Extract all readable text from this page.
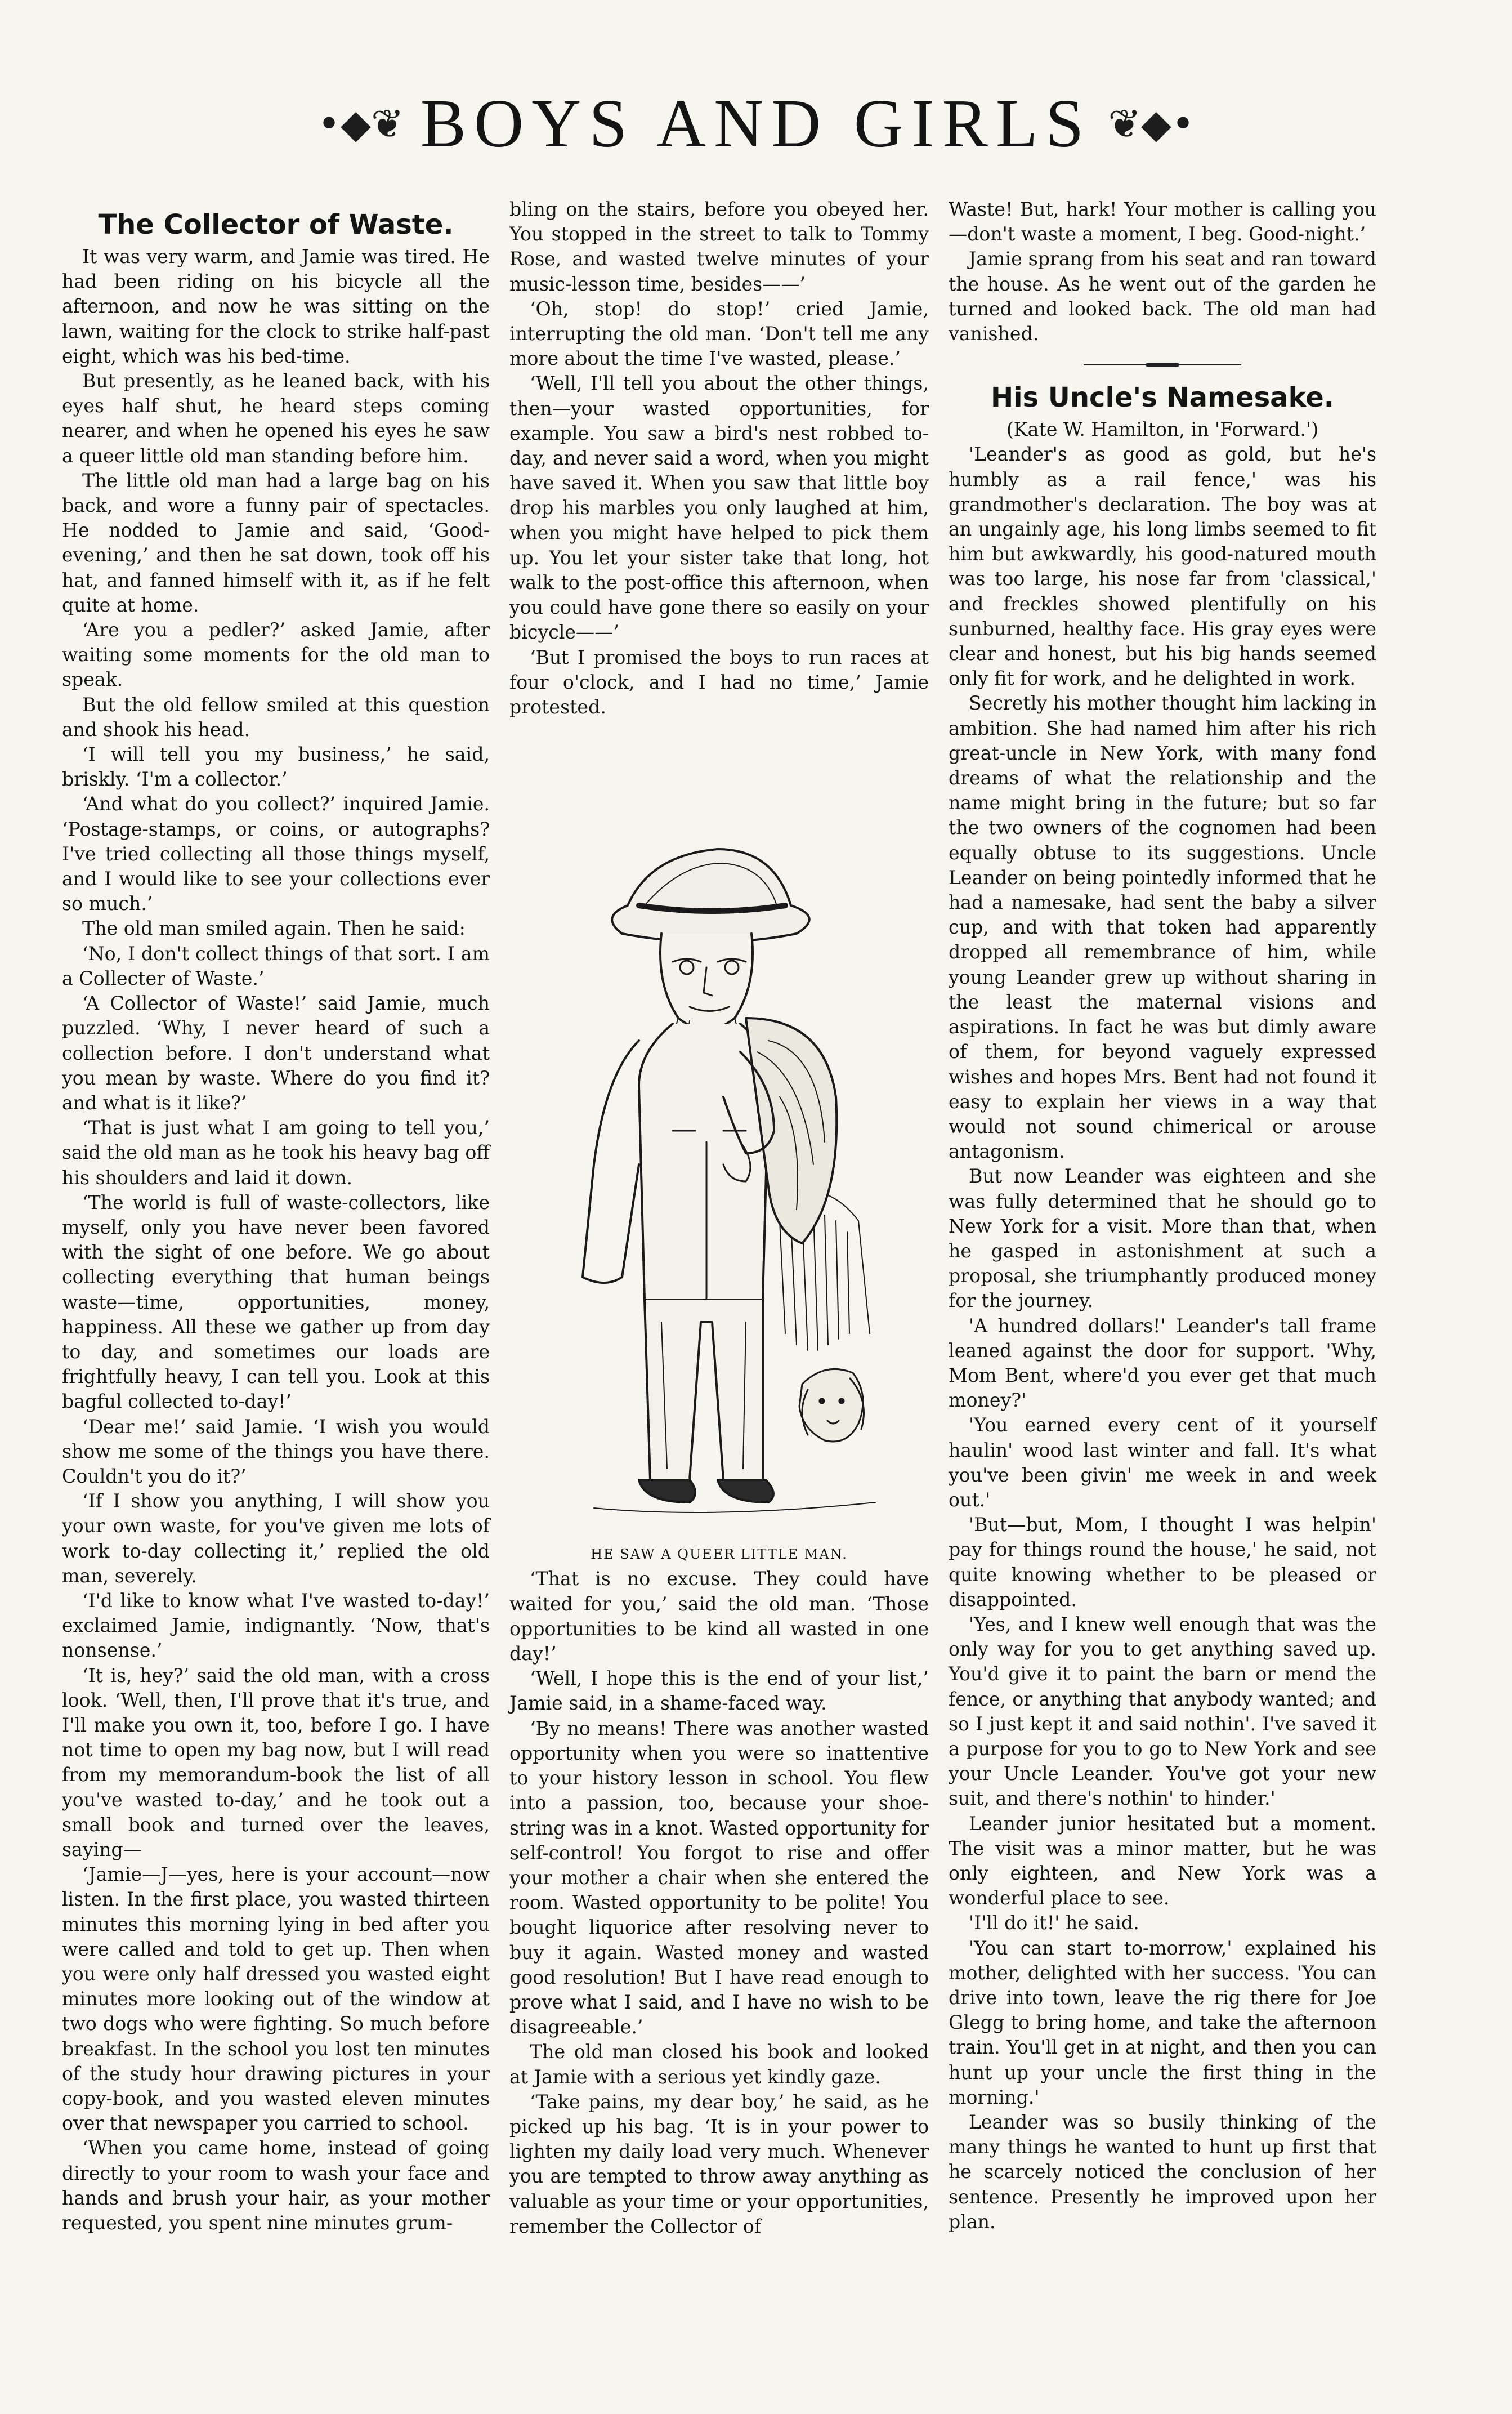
•◆❦ BOYS AND GIRLS ❦◆•
The Collector of Waste.

It was very warm, and Jamie was tired. He had been riding on his bicycle all the afternoon, and now he was sitting on the lawn, waiting for the clock to strike half-past eight, which was his bed-time.

But presently, as he leaned back, with his eyes half shut, he heard steps coming nearer, and when he opened his eyes he saw a queer little old man standing before him.

The little old man had a large bag on his back, and wore a funny pair of spectacles. He nodded to Jamie and said, ‘Good-evening,’ and then he sat down, took off his hat, and fanned himself with it, as if he felt quite at home.

‘Are you a pedler?’ asked Jamie, after waiting some moments for the old man to speak.

But the old fellow smiled at this question and shook his head.

‘I will tell you my business,’ he said, briskly. ‘I'm a collector.’

‘And what do you collect?’ inquired Jamie. ‘Postage-stamps, or coins, or autographs? I've tried collecting all those things myself, and I would like to see your collections ever so much.’

The old man smiled again. Then he said:

‘No, I don't collect things of that sort. I am a Collecter of Waste.’

‘A Collector of Waste!’ said Jamie, much puzzled. ‘Why, I never heard of such a collection before. I don't understand what you mean by waste. Where do you find it? and what is it like?’

‘That is just what I am going to tell you,’ said the old man as he took his heavy bag off his shoulders and laid it down.

‘The world is full of waste-collectors, like myself, only you have never been favored with the sight of one before. We go about collecting everything that human beings waste—time, opportunities, money, happiness. All these we gather up from day to day, and sometimes our loads are frightfully heavy, I can tell you. Look at this bagful collected to-day!’

‘Dear me!’ said Jamie. ‘I wish you would show me some of the things you have there. Couldn't you do it?’

‘If I show you anything, I will show you your own waste, for you've given me lots of work to-day collecting it,’ replied the old man, severely.

‘I'd like to know what I've wasted to-day!’ exclaimed Jamie, indignantly. ‘Now, that's nonsense.’

‘It is, hey?’ said the old man, with a cross look. ‘Well, then, I'll prove that it's true, and I'll make you own it, too, before I go. I have not time to open my bag now, but I will read from my memorandum-book the list of all you've wasted to-day,’ and he took out a small book and turned over the leaves, saying—

‘Jamie—J—yes, here is your account—now listen. In the first place, you wasted thirteen minutes this morning lying in bed after you were called and told to get up. Then when you were only half dressed you wasted eight minutes more looking out of the window at two dogs who were fighting. So much before breakfast. In the school you lost ten minutes of the study hour drawing pictures in your copy-book, and you wasted eleven minutes over that newspaper you carried to school.

‘When you came home, instead of going directly to your room to wash your face and hands and brush your hair, as your mother requested, you spent nine minutes grum-

bling on the stairs, before you obeyed her. You stopped in the street to talk to Tommy Rose, and wasted twelve minutes of your music-lesson time, besides——’

‘Oh, stop! do stop!’ cried Jamie, interrupting the old man. ‘Don't tell me any more about the time I've wasted, please.’

‘Well, I'll tell you about the other things, then—your wasted opportunities, for example. You saw a bird's nest robbed to-day, and never said a word, when you might have saved it. When you saw that little boy drop his marbles you only laughed at him, when you might have helped to pick them up. You let your sister take that long, hot walk to the post-office this afternoon, when you could have gone there so easily on your bicycle——’

‘But I promised the boys to run races at four o'clock, and I had no time,’ Jamie protested.

HE SAW A QUEER LITTLE MAN.

‘That is no excuse. They could have waited for you,’ said the old man. ‘Those opportunities to be kind all wasted in one day!’

‘Well, I hope this is the end of your list,’ Jamie said, in a shame-faced way.

‘By no means! There was another wasted opportunity when you were so inattentive to your history lesson in school. You flew into a passion, too, because your shoe-string was in a knot. Wasted opportunity for self-control! You forgot to rise and offer your mother a chair when she entered the room. Wasted opportunity to be polite! You bought liquorice after resolving never to buy it again. Wasted money and wasted good resolution! But I have read enough to prove what I said, and I have no wish to be disagreeable.’

The old man closed his book and looked at Jamie with a serious yet kindly gaze.

‘Take pains, my dear boy,’ he said, as he picked up his bag. ‘It is in your power to lighten my daily load very much. Whenever you are tempted to throw away anything as valuable as your time or your opportunities, remember the Collector of

Waste! But, hark! Your mother is calling you—don't waste a moment, I beg. Good-night.’

Jamie sprang from his seat and ran toward the house. As he went out of the garden he turned and looked back. The old man had vanished.

His Uncle's Namesake.

(Kate W. Hamilton, in 'Forward.')

'Leander's as good as gold, but he's humbly as a rail fence,' was his grandmother's declaration. The boy was at an ungainly age, his long limbs seemed to fit him but awkwardly, his good-natured mouth was too large, his nose far from 'classical,' and freckles showed plentifully on his sunburned, healthy face. His gray eyes were clear and honest, but his big hands seemed only fit for work, and he delighted in work.

Secretly his mother thought him lacking in ambition. She had named him after his rich great-uncle in New York, with many fond dreams of what the relationship and the name might bring in the future; but so far the two owners of the cognomen had been equally obtuse to its suggestions. Uncle Leander on being pointedly informed that he had a namesake, had sent the baby a silver cup, and with that token had apparently dropped all remembrance of him, while young Leander grew up without sharing in the least the maternal visions and aspirations. In fact he was but dimly aware of them, for beyond vaguely expressed wishes and hopes Mrs. Bent had not found it easy to explain her views in a way that would not sound chimerical or arouse antagonism.

But now Leander was eighteen and she was fully determined that he should go to New York for a visit. More than that, when he gasped in astonishment at such a proposal, she triumphantly produced money for the journey.

'A hundred dollars!' Leander's tall frame leaned against the door for support. 'Why, Mom Bent, where'd you ever get that much money?'

'You earned every cent of it yourself haulin' wood last winter and fall. It's what you've been givin' me week in and week out.'

'But—but, Mom, I thought I was helpin' pay for things round the house,' he said, not quite knowing whether to be pleased or disappointed.

'Yes, and I knew well enough that was the only way for you to get anything saved up. You'd give it to paint the barn or mend the fence, or anything that anybody wanted; and so I just kept it and said nothin'. I've saved it a purpose for you to go to New York and see your Uncle Leander. You've got your new suit, and there's nothin' to hinder.'

Leander junior hesitated but a moment. The visit was a minor matter, but he was only eighteen, and New York was a wonderful place to see.

'I'll do it!' he said.

'You can start to-morrow,' explained his mother, delighted with her success. 'You can drive into town, leave the rig there for Joe Glegg to bring home, and take the afternoon train. You'll get in at night, and then you can hunt up your uncle the first thing in the morning.'

Leander was so busily thinking of the many things he wanted to hunt up first that he scarcely noticed the conclusion of her sentence. Presently he improved upon her plan.
